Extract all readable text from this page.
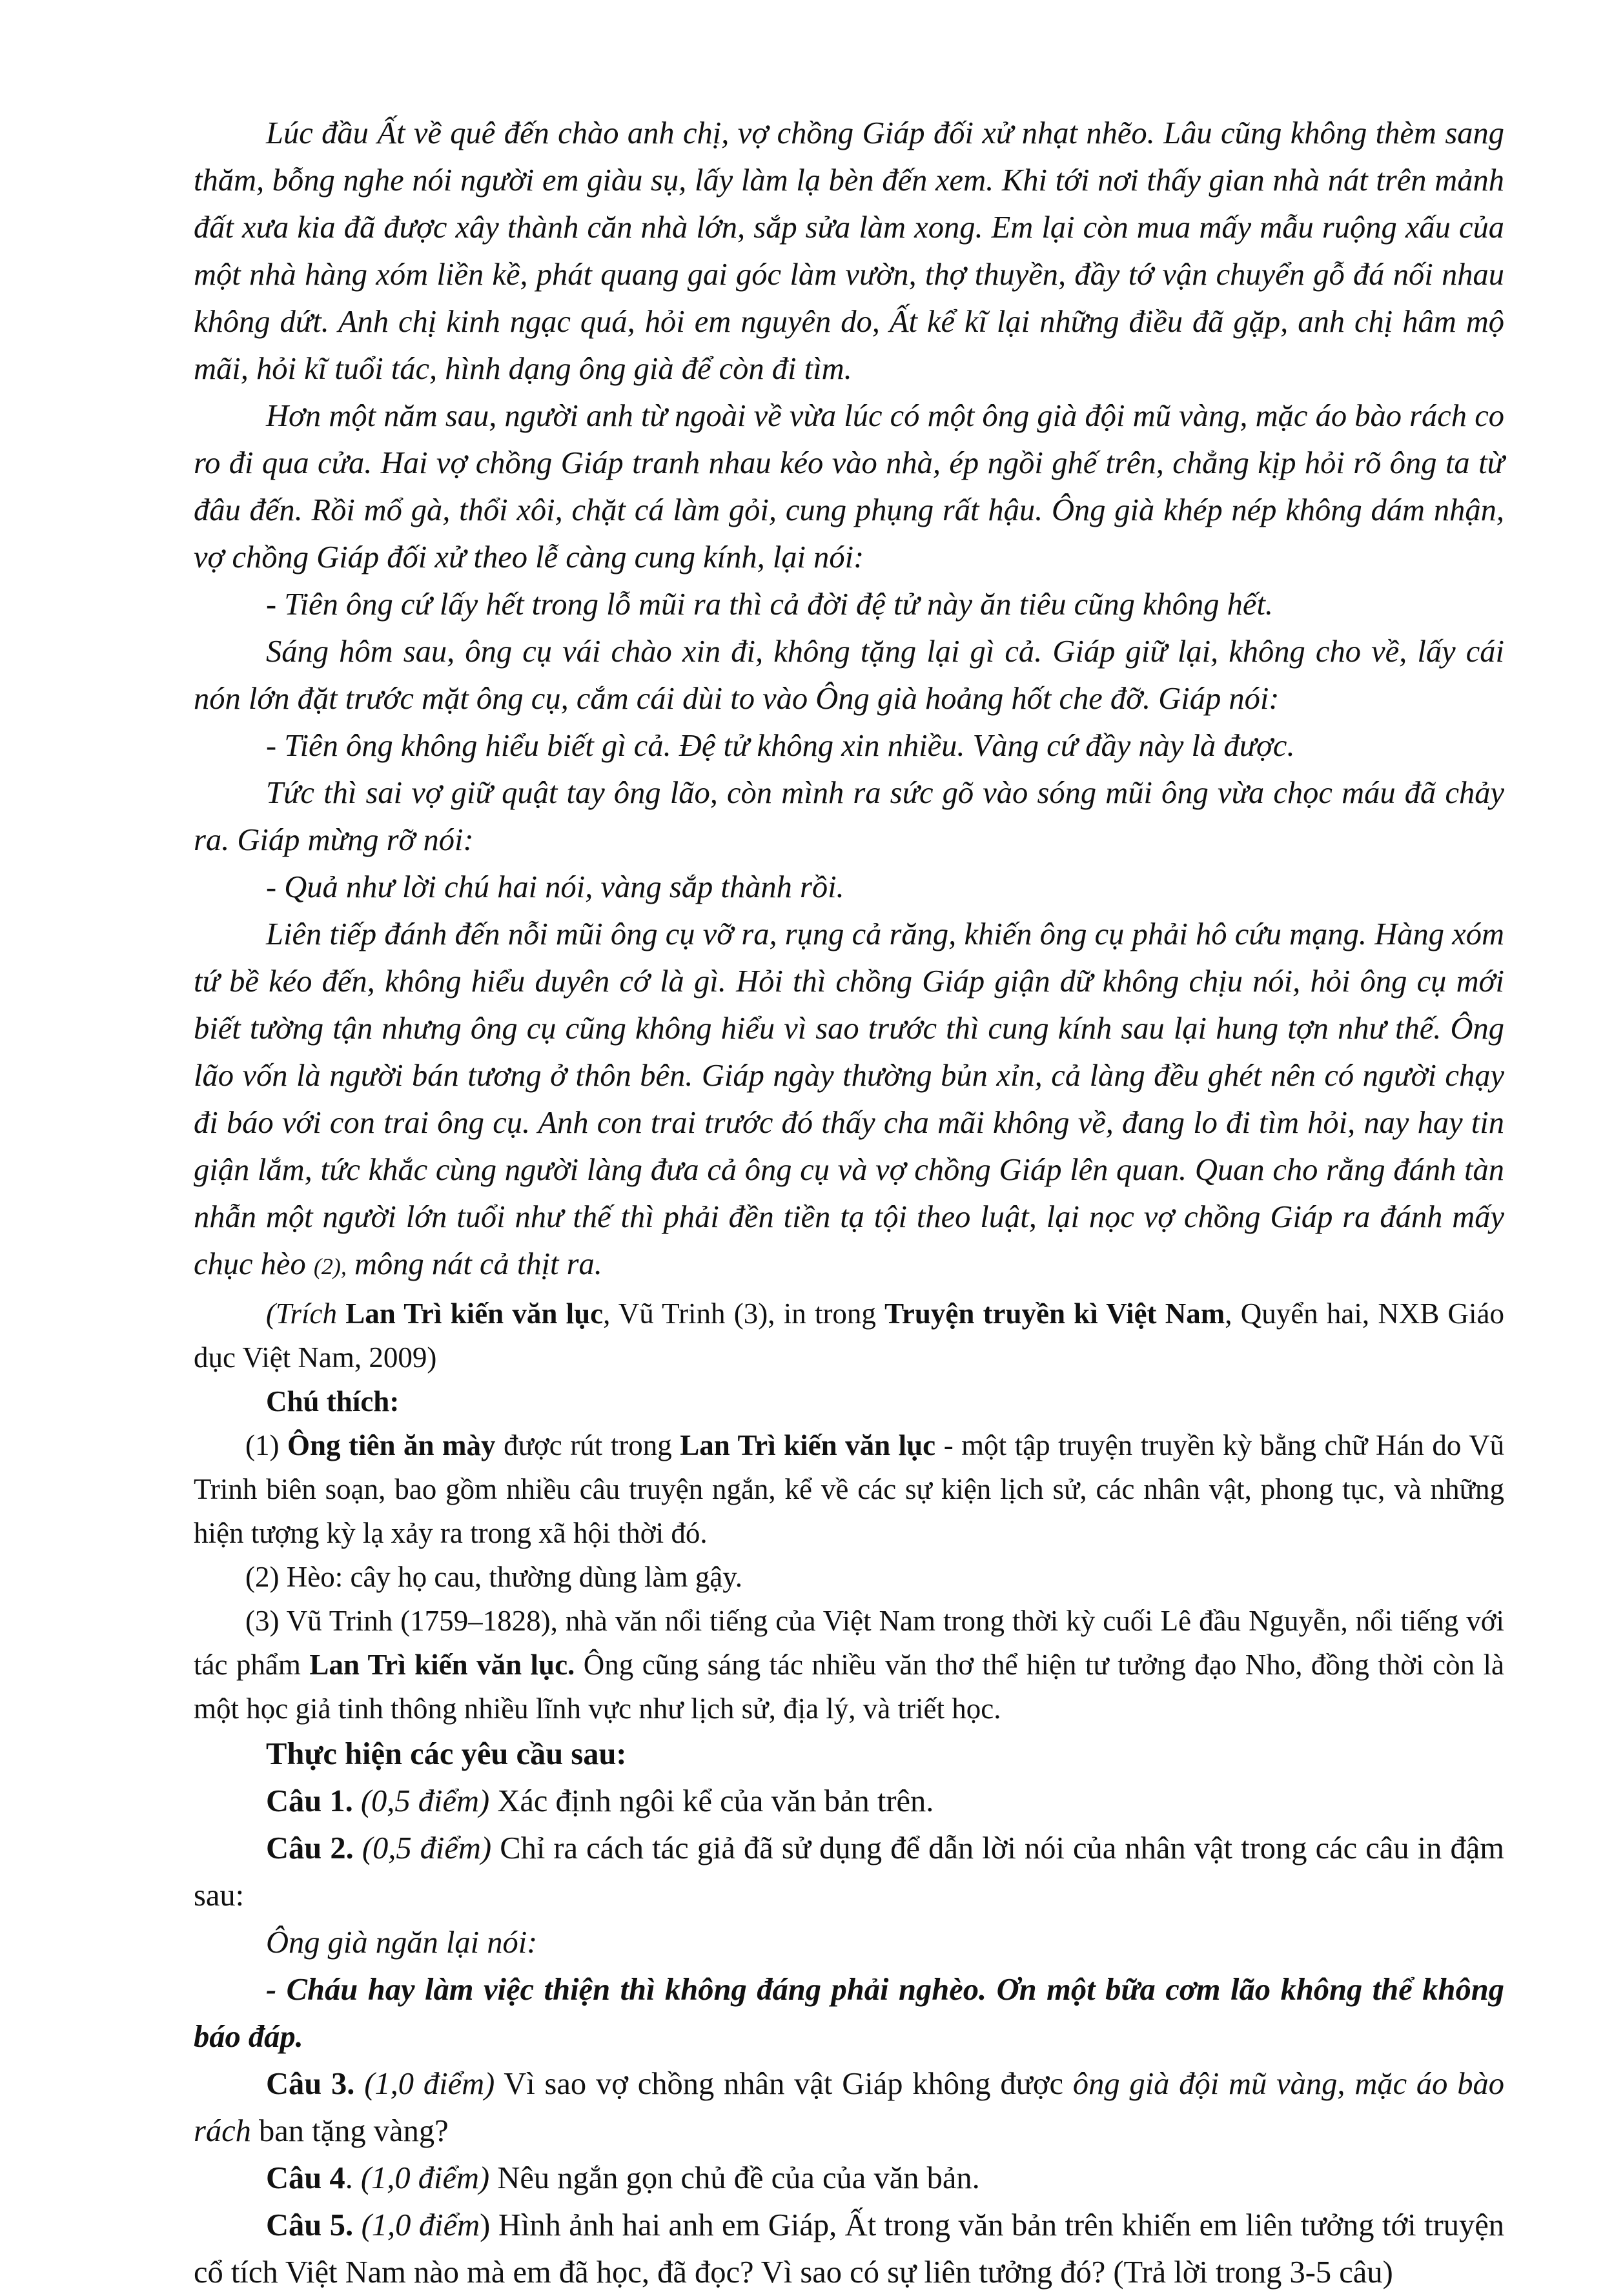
Lúc đầu Ất về quê đến chào anh chị, vợ chồng Giáp đối xử nhạt nhẽo. Lâu cũng không thèm sang thăm, bỗng nghe nói người em giàu sụ, lấy làm lạ bèn đến xem. Khi tới nơi thấy gian nhà nát trên mảnh đất xưa kia đã được xây thành căn nhà lớn, sắp sửa làm xong. Em lại còn mua mấy mẫu ruộng xấu của một nhà hàng xóm liền kề, phát quang gai góc làm vườn, thợ thuyền, đầy tớ vận chuyển gỗ đá nối nhau không dứt. Anh chị kinh ngạc quá, hỏi em nguyên do, Ất kể kĩ lại những điều đã gặp, anh chị hâm mộ mãi, hỏi kĩ tuổi tác, hình dạng ông già để còn đi tìm.

Hơn một năm sau, người anh từ ngoài về vừa lúc có một ông già đội mũ vàng, mặc áo bào rách co ro đi qua cửa. Hai vợ chồng Giáp tranh nhau kéo vào nhà, ép ngồi ghế trên, chẳng kịp hỏi rõ ông ta từ đâu đến. Rồi mổ gà, thổi xôi, chặt cá làm gỏi, cung phụng rất hậu. Ông già khép nép không dám nhận, vợ chồng Giáp đối xử theo lễ càng cung kính, lại nói:

- Tiên ông cứ lấy hết trong lỗ mũi ra thì cả đời đệ tử này ăn tiêu cũng không hết.

Sáng hôm sau, ông cụ vái chào xin đi, không tặng lại gì cả. Giáp giữ lại, không cho về, lấy cái nón lớn đặt trước mặt ông cụ, cắm cái dùi to vào Ông già hoảng hốt che đỡ. Giáp nói:

- Tiên ông không hiểu biết gì cả. Đệ tử không xin nhiều. Vàng cứ đầy này là được.

Tức thì sai vợ giữ quật tay ông lão, còn mình ra sức gõ vào sóng mũi ông vừa chọc máu đã chảy ra. Giáp mừng rỡ nói:

- Quả như lời chú hai nói, vàng sắp thành rồi.

Liên tiếp đánh đến nỗi mũi ông cụ vỡ ra, rụng cả răng, khiến ông cụ phải hô cứu mạng. Hàng xóm tứ bề kéo đến, không hiểu duyên cớ là gì. Hỏi thì chồng Giáp giận dữ không chịu nói, hỏi ông cụ mới biết tường tận nhưng ông cụ cũng không hiểu vì sao trước thì cung kính sau lại hung tợn như thế. Ông lão vốn là người bán tương ở thôn bên. Giáp ngày thường bủn xỉn, cả làng đều ghét nên có người chạy đi báo với con trai ông cụ. Anh con trai trước đó thấy cha mãi không về, đang lo đi tìm hỏi, nay hay tin giận lắm, tức khắc cùng người làng đưa cả ông cụ và vợ chồng Giáp lên quan. Quan cho rằng đánh tàn nhẫn một người lớn tuổi như thế thì phải đền tiền tạ tội theo luật, lại nọc vợ chồng Giáp ra đánh mấy chục hèo (2), mông nát cả thịt ra.

(Trích Lan Trì kiến văn lục, Vũ Trinh (3), in trong Truyện truyền kì Việt Nam, Quyển hai, NXB Giáo dục Việt Nam, 2009)

Chú thích:

(1) Ông tiên ăn mày được rút trong Lan Trì kiến văn lục - một tập truyện truyền kỳ bằng chữ Hán do Vũ Trinh biên soạn, bao gồm nhiều câu truyện ngắn, kể về các sự kiện lịch sử, các nhân vật, phong tục, và những hiện tượng kỳ lạ xảy ra trong xã hội thời đó.

(2) Hèo: cây họ cau, thường dùng làm gậy.

(3) Vũ Trinh (1759–1828), nhà văn nổi tiếng của Việt Nam trong thời kỳ cuối Lê đầu Nguyễn, nổi tiếng với tác phẩm Lan Trì kiến văn lục. Ông cũng sáng tác nhiều văn thơ thể hiện tư tưởng đạo Nho, đồng thời còn là một học giả tinh thông nhiều lĩnh vực như lịch sử, địa lý, và triết học.

Thực hiện các yêu cầu sau:

Câu 1. (0,5 điểm) Xác định ngôi kể của văn bản trên.

Câu 2. (0,5 điểm) Chỉ ra cách tác giả đã sử dụng để dẫn lời nói của nhân vật trong các câu in đậm sau:

Ông già ngăn lại nói:

- Cháu hay làm việc thiện thì không đáng phải nghèo. Ơn một bữa cơm lão không thể không báo đáp.

Câu 3. (1,0 điểm) Vì sao vợ chồng nhân vật Giáp không được ông già đội mũ vàng, mặc áo bào rách ban tặng vàng?

Câu 4. (1,0 điểm) Nêu ngắn gọn chủ đề của của văn bản.

Câu 5. (1,0 điểm) Hình ảnh hai anh em Giáp, Ất trong văn bản trên khiến em liên tưởng tới truyện cổ tích Việt Nam nào mà em đã học, đã đọc? Vì sao có sự liên tưởng đó? (Trả lời trong 3-5 câu)
